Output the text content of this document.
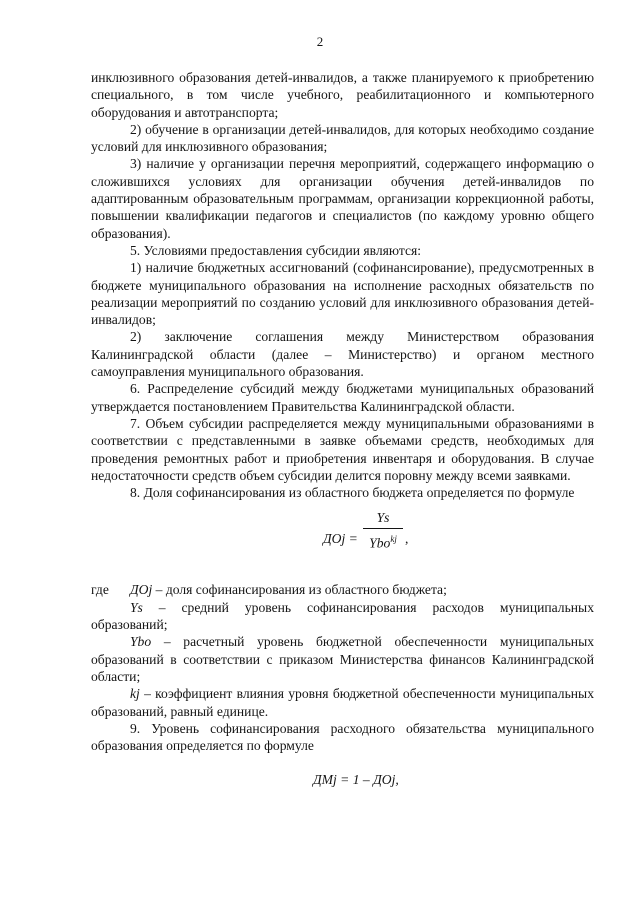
2

инклюзивного образования детей-инвалидов, а также планируемого к приобретению специального, в том числе учебного, реабилитационного и компьютерного оборудования и автотранспорта;

2) обучение в организации детей-инвалидов, для которых необходимо создание условий для инклюзивного образования;

3) наличие у организации перечня мероприятий, содержащего информацию о сложившихся условиях для организации обучения детей-инвалидов по адаптированным образовательным программам, организации коррекционной работы, повышении квалификации педагогов и специалистов (по каждому уровню общего образования).

5. Условиями предоставления субсидии являются:

1) наличие бюджетных ассигнований (софинансирование), предусмотренных в бюджете муниципального образования на исполнение расходных обязательств по реализации мероприятий по созданию условий для инклюзивного образования детей-инвалидов;

2) заключение соглашения между Министерством образования Калининградской области (далее – Министерство) и органом местного самоуправления муниципального образования.

6. Распределение субсидий между бюджетами муниципальных образований утверждается постановлением Правительства Калининградской области.

7. Объем субсидии распределяется между муниципальными образованиями в соответствии с представленными в заявке объемами средств, необходимых для проведения ремонтных работ и приобретения инвентаря и оборудования. В случае недостаточности средств объем субсидии делится поровну между всеми заявками.

8. Доля софинансирования из областного бюджета определяется по формуле

ДОj =
Ys
Ybo$^{kj}$ ,

где ДОj – доля софинансирования из областного бюджета;

Ys – средний уровень софинансирования расходов муниципальных образований;

Ybo – расчетный уровень бюджетной обеспеченности муниципальных образований в соответствии с приказом Министерства финансов Калининградской области;

kj – коэффициент влияния уровня бюджетной обеспеченности муниципальных образований, равный единице.

9. Уровень софинансирования расходного обязательства муниципального образования определяется по формуле

ДМj = 1 – ДОj,
